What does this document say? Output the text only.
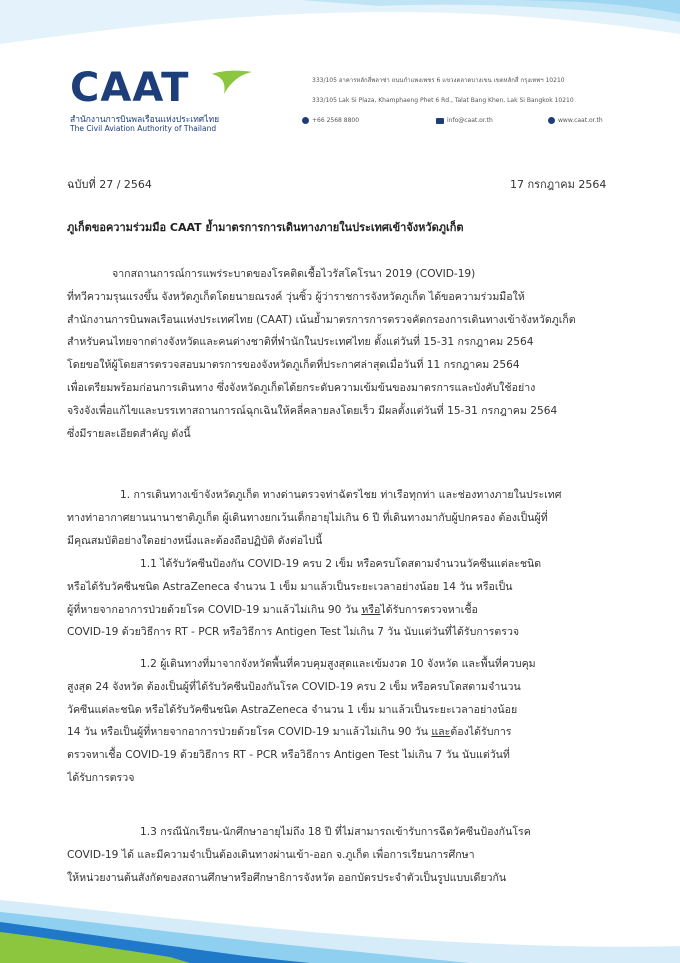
CAAT
สำนักงานการบินพลเรือนแห่งประเทศไทย
The Civil Aviation Authority of Thailand
333/105 อาคารหลักสี่พลาซ่า ถนนกำแพงเพชร 6 แขวงตลาดบางเขน เขตหลักสี่ กรุงเทพฯ 10210
333/105 Lak Si Plaza, Khamphaeng Phet 6 Rd., Talat Bang Khen, Lak Si Bangkok 10210
+66 2568 8800	info@caat.or.th	www.caat.or.th
ฉบับที่ 27 / 2564	17 กรกฎาคม 2564
ภูเก็ตขอความร่วมมือ CAAT ย้ำมาตรการการเดินทางภายในประเทศเข้าจังหวัดภูเก็ต
จากสถานการณ์การแพร่ระบาดของโรคติดเชื้อไวรัสโคโรนา 2019 (COVID-19)
ที่ทวีความรุนแรงขึ้น จังหวัดภูเก็ตโดยนายณรงค์ วุ่นซิ้ว ผู้ว่าราชการจังหวัดภูเก็ต ได้ขอความร่วมมือให้
สำนักงานการบินพลเรือนแห่งประเทศไทย (CAAT) เน้นย้ำมาตรการการตรวจคัดกรองการเดินทางเข้าจังหวัดภูเก็ต
สำหรับคนไทยจากต่างจังหวัดและคนต่างชาติที่พำนักในประเทศไทย ตั้งแต่วันที่ 15-31 กรกฎาคม 2564
โดยขอให้ผู้โดยสารตรวจสอบมาตรการของจังหวัดภูเก็ตที่ประกาศล่าสุดเมื่อวันที่ 11 กรกฎาคม 2564
เพื่อเตรียมพร้อมก่อนการเดินทาง ซึ่งจังหวัดภูเก็ตได้ยกระดับความเข้มข้นของมาตรการและบังคับใช้อย่าง
จริงจังเพื่อแก้ไขและบรรเทาสถานการณ์ฉุกเฉินให้คลี่คลายลงโดยเร็ว มีผลตั้งแต่วันที่ 15-31 กรกฎาคม 2564
ซึ่งมีรายละเอียดสำคัญ ดังนี้
1. การเดินทางเข้าจังหวัดภูเก็ต ทางด่านตรวจท่าฉัตรไชย ท่าเรือทุกท่า และช่องทางภายในประเทศ
ทางท่าอากาศยานนานาชาติภูเก็ต ผู้เดินทางยกเว้นเด็กอายุไม่เกิน 6 ปี ที่เดินทางมากับผู้ปกครอง ต้องเป็นผู้ที่
มีคุณสมบัติอย่างใดอย่างหนึ่งและต้องถือปฏิบัติ ดังต่อไปนี้
1.1 ได้รับวัคซีนป้องกัน COVID-19 ครบ 2 เข็ม หรือครบโดสตามจำนวนวัคซีนแต่ละชนิด
หรือได้รับวัคซีนชนิด AstraZeneca จำนวน 1 เข็ม มาแล้วเป็นระยะเวลาอย่างน้อย 14 วัน หรือเป็น
ผู้ที่หายจากอาการป่วยด้วยโรค COVID-19 มาแล้วไม่เกิน 90 วัน หรือได้รับการตรวจหาเชื้อ
COVID-19 ด้วยวิธีการ RT - PCR หรือวิธีการ Antigen Test ไม่เกิน 7 วัน นับแต่วันที่ได้รับการตรวจ
1.2 ผู้เดินทางที่มาจากจังหวัดพื้นที่ควบคุมสูงสุดและเข้มงวด 10 จังหวัด และพื้นที่ควบคุม
สูงสุด 24 จังหวัด ต้องเป็นผู้ที่ได้รับวัคซีนป้องกันโรค COVID-19 ครบ 2 เข็ม หรือครบโดสตามจำนวน
วัคซีนแต่ละชนิด หรือได้รับวัคซีนชนิด AstraZeneca จำนวน 1 เข็ม มาแล้วเป็นระยะเวลาอย่างน้อย
14 วัน หรือเป็นผู้ที่หายจากอาการป่วยด้วยโรค COVID-19 มาแล้วไม่เกิน 90 วัน และต้องได้รับการ
ตรวจหาเชื้อ COVID-19 ด้วยวิธีการ RT - PCR หรือวิธีการ Antigen Test ไม่เกิน 7 วัน นับแต่วันที่
ได้รับการตรวจ
1.3 กรณีนักเรียน-นักศึกษาอายุไม่ถึง 18 ปี ที่ไม่สามารถเข้ารับการฉีดวัคซีนป้องกันโรค
COVID-19 ได้ และมีความจำเป็นต้องเดินทางผ่านเข้า-ออก จ.ภูเก็ต เพื่อการเรียนการศึกษา
ให้หน่วยงานต้นสังกัดของสถานศึกษาหรือศึกษาธิการจังหวัด ออกบัตรประจำตัวเป็นรูปแบบเดียวกัน
